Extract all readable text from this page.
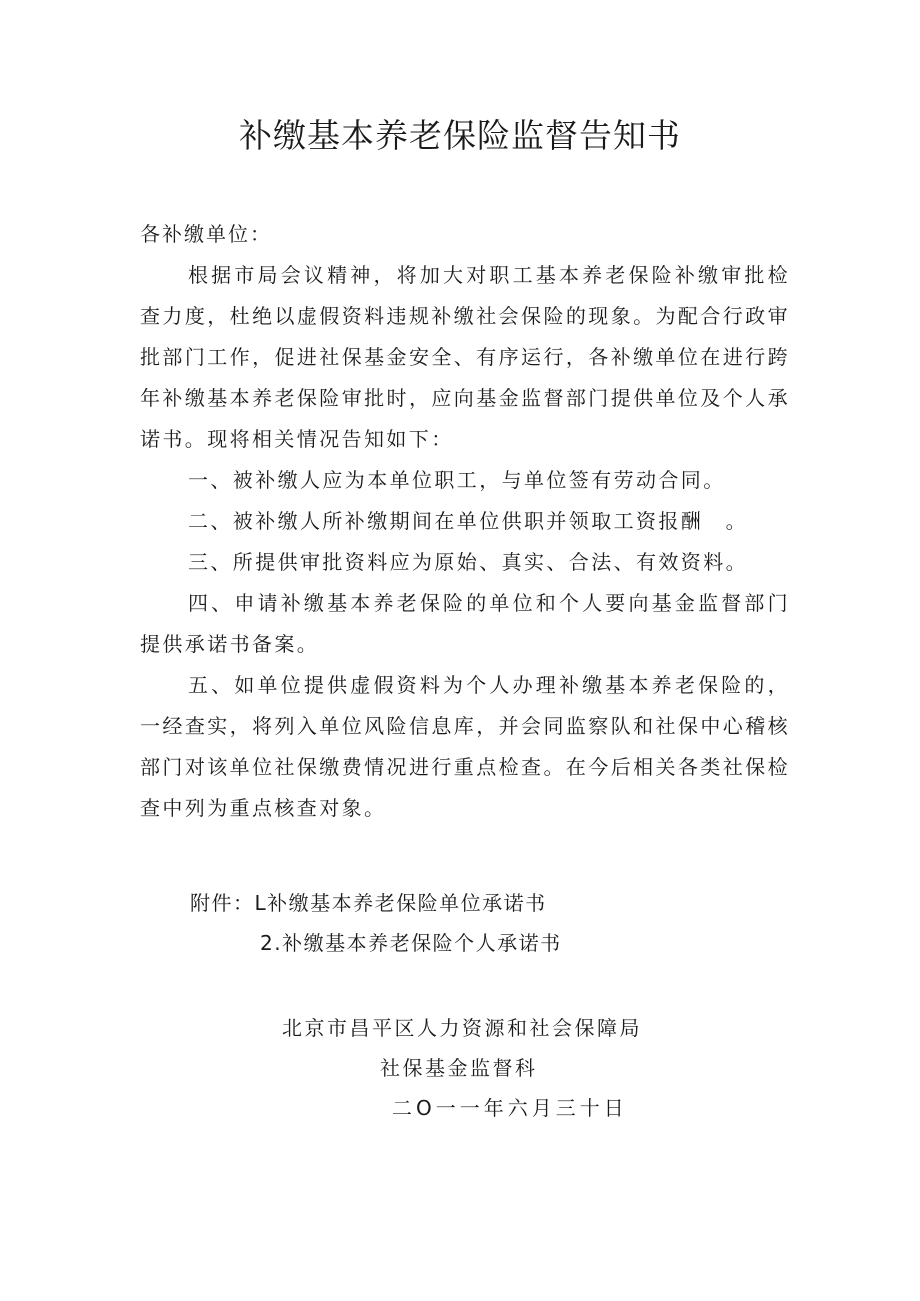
补缴基本养老保险监督告知书
各补缴单位：

根据市局会议精神，将加大对职工基本养老保险补缴审批检查力度，杜绝以虚假资料违规补缴社会保险的现象。为配合行政审批部门工作，促进社保基金安全、有序运行，各补缴单位在进行跨年补缴基本养老保险审批时，应向基金监督部门提供单位及个人承诺书。现将相关情况告知如下：

一、被补缴人应为本单位职工，与单位签有劳动合同。

二、被补缴人所补缴期间在单位供职并领取工资报酬　。

三、所提供审批资料应为原始、真实、合法、有效资料。

四、申请补缴基本养老保险的单位和个人要向基金监督部门提供承诺书备案。

五、如单位提供虚假资料为个人办理补缴基本养老保险的，一经查实，将列入单位风险信息库，并会同监察队和社保中心稽核部门对该单位社保缴费情况进行重点检查。在今后相关各类社保检查中列为重点核查对象。

附件：L补缴基本养老保险单位承诺书
2.补缴基本养老保险个人承诺书
北京市昌平区人力资源和社会保障局
社保基金监督科
二O一一年六月三十日
